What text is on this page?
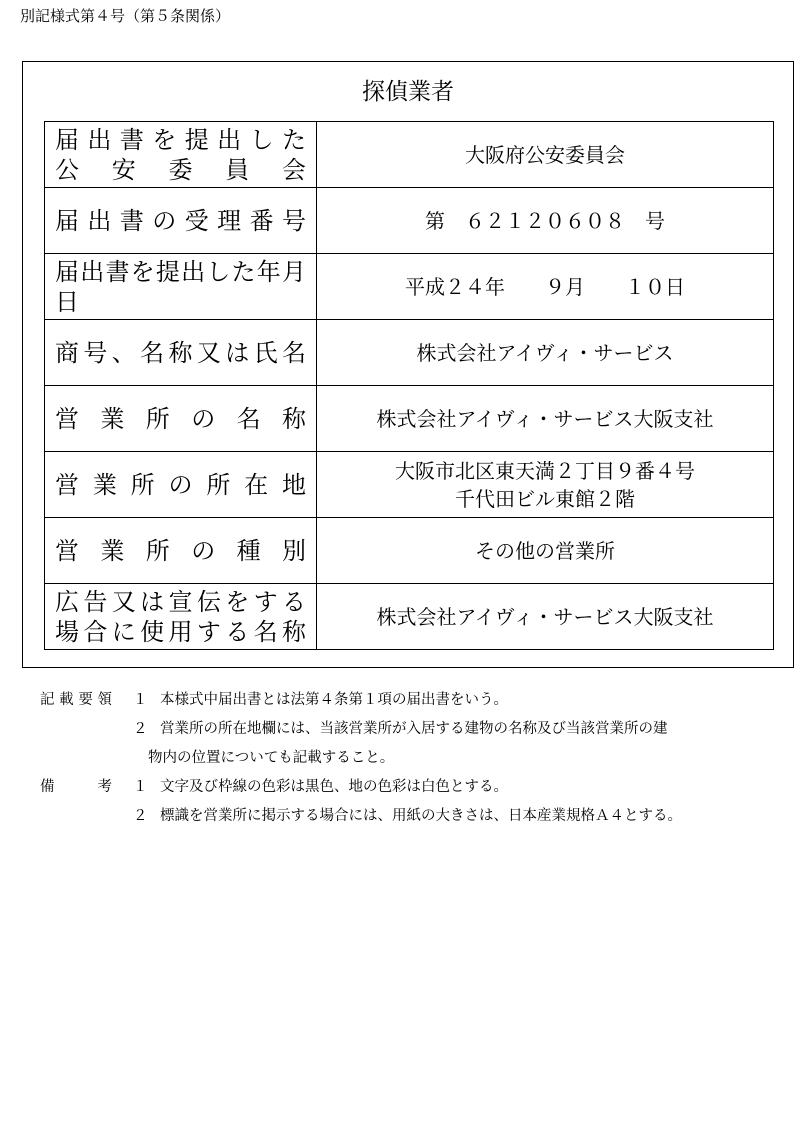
別記様式第４号（第５条関係）
探偵業者
届​出​書​を​提​出​し​た
公​安​委​員​会	大阪府公安委員会

届​出​書​の​受​理​番​号	第　６２１２０６０８　号

届​出​書​を​提​出​し​た​年​月​日	平成２４年　　９月　　１０日

商​号​、​名​称​又​は​氏​名	株式会社アイヴィ・サービス

営​業​所​の​名​称	株式会社アイヴィ・サービス大阪支社

営​業​所​の​所​在​地	大阪市北区東天満２丁目９番４号
千代田ビル東館２階

営​業​所​の​種​別	その他の営業所

広​告​又​は​宣​伝​を​す​る
場​合​に​使​用​す​る​名​称	株式会社アイヴィ・サービス大阪支社
記​載​要​領 １ 本様式中届出書とは法第４条第１項の届出書をいう。
２ 営業所の所在地欄には、当該営業所が入居する建物の名称及び当該営業所の建
物内の位置についても記載すること。
備​考 １ 文字及び枠線の色彩は黒色、地の色彩は白色とする。
２ 標識を営業所に掲示する場合には、用紙の大きさは、日本産業規格Ａ４とする。
